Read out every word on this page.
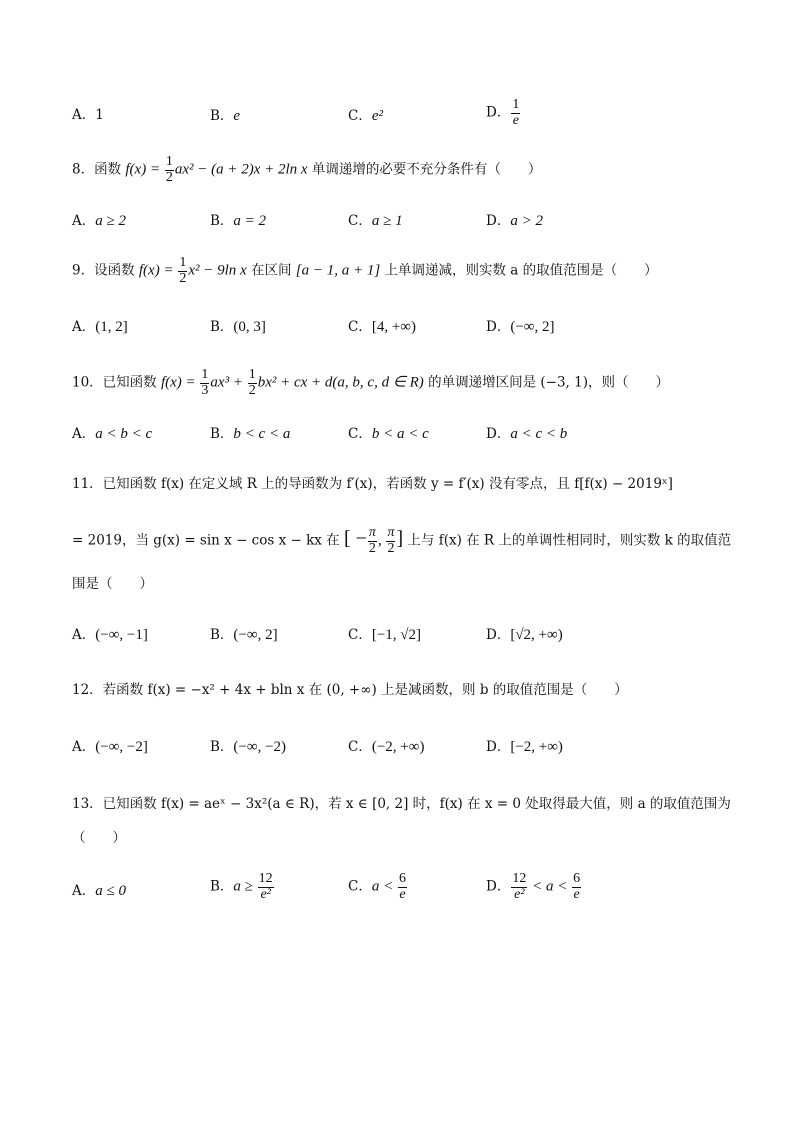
A．1	B．e	C．e²	D． $\frac{1}{e}$
8．函数 $f(x) = \frac{1}{2} ax^2 - (a + 2)x + 2\ln$ x 单调递增的必要不充分条件有（　　）
A．a ≥ 2	B．a = 2	C．a ≥ 1	D．a > 2
9．设函数 $f(x) = \frac{1}{2} x^2 - 9\ln$ x 在区间 [a − 1, a + 1] 上单调递减，则实数 a 的取值范围是（　　）
A．(1, 2]	B．(0, 3]	C．[4, +∞)	D．(−∞, 2]
10．已知函数 $f(x) = \frac{1}{3} ax^3 + \frac{1}{2} bx^2$ + cx + d(a, b, c, d ∈ R) 的单调递增区间是 (−3, 1)，则（　　）
A．a < b < c	B．b < c < a	C．b < a < c	D．a < c < b
11．已知函数 f(x) 在定义域 R 上的导函数为 f′(x)，若函数 y = f′(x) 没有零点，且 f[f(x) − 2019ˣ]
= 2019，当 g(x) = sin x − cos x − kx 在 [ − $\frac{\pi}{2}$ , $\frac{\pi}{2}$ ] 上与 f(x) 在 R 上的单调性相同时，则实数 k 的取值范
围是（　　）
A．(−∞, −1]	B．(−∞, 2]	C．[−1, √2]	D．[√2, +∞)
12．若函数 f(x) = −x² + 4x + bln x 在 (0, +∞) 上是减函数，则 b 的取值范围是（　　）
A．(−∞, −2]	B．(−∞, −2)	C．(−2, +∞)	D．[−2, +∞)
13．已知函数 f(x) = aeˣ − 3x²(a ∈ R)，若 x ∈ [0, 2] 时，f(x) 在 x = 0 处取得最大值，则 a 的取值范围为
（　　）
A．a ≤ 0	B．$a \ge \frac{12}{\text{e²}}$	C．$a < \frac{6}{e}$	D． $\frac{12}{\text{e²}} < a < \frac{6}{e}$
